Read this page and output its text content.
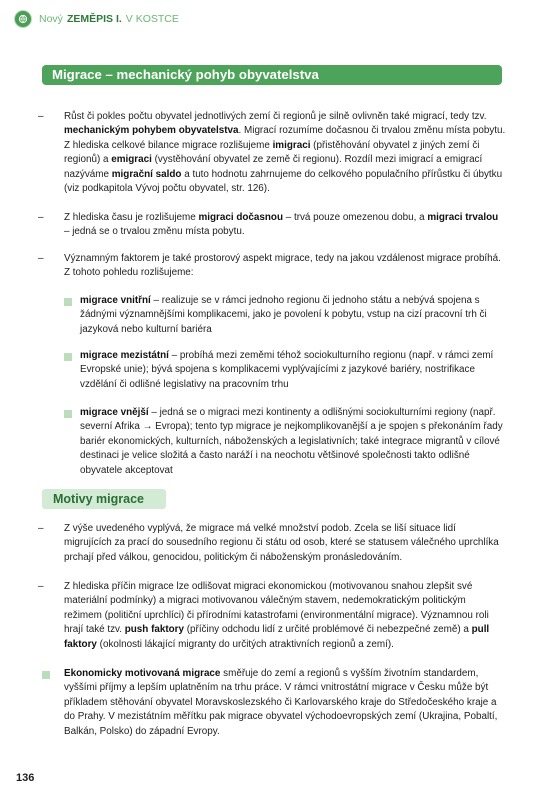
Nový ZEMĚPIS I. V KOSTCE
Migrace – mechanický pohyb obyvatelstva
– Růst či pokles počtu obyvatel jednotlivých zemí či regionů je silně ovlivněn také migrací, tedy tzv. mechanickým pohybem obyvatelstva. Migrací rozumíme dočasnou či trvalou změnu místa pobytu. Z hlediska celkové bilance migrace rozlišujeme imigraci (přistěhování obyvatel z jiných zemí či regionů) a emigraci (vystěhování obyvatel ze země či regionu). Rozdíl mezi imigrací a emigrací nazýváme migrační saldo a tuto hodnotu zahrnujeme do celkového populačního přírůstku či úbytku (viz podkapitola Vývoj počtu obyvatel, str. 126).

– Z hlediska času je rozlišujeme migraci dočasnou – trvá pouze omezenou dobu, a migraci trvalou – jedná se o trvalou změnu místa pobytu.

– Významným faktorem je také prostorový aspekt migrace, tedy na jakou vzdálenost migrace probíhá. Z tohoto pohledu rozlišujeme:

migrace vnitřní – realizuje se v rámci jednoho regionu či jednoho státu a nebývá spojena s žádnými významnějšími komplikacemi, jako je povolení k pobytu, vstup na cizí pracovní trh či jazyková nebo kulturní bariéra

migrace mezistátní – probíhá mezi zeměmi téhož sociokulturního regionu (např. v rámci zemí Evropské unie); bývá spojena s komplikacemi vyplývajícími z jazykové bariéry, nostrifikace vzdělání či odlišné legislativy na pracovním trhu

migrace vnější – jedná se o migraci mezi kontinenty a odlišnými sociokulturními regiony (např. severní Afrika → Evropa); tento typ migrace je nejkomplikovanější a je spojen s překonáním řady bariér ekonomických, kulturních, náboženských a legislativních; také integrace migrantů v cílové destinaci je velice složitá a často naráží i na neochotu většinové společnosti takto odlišné obyvatele akceptovat

Motivy migrace
– Z výše uvedeného vyplývá, že migrace má velké množství podob. Zcela se liší situace lidí migrujících za prací do sousedního regionu či státu od osob, které se statusem válečného uprchlíka prchají před válkou, genocidou, politickým či náboženským pronásledováním.

– Z hlediska příčin migrace lze odlišovat migraci ekonomickou (motivovanou snahou zlepšit své materiální podmínky) a migraci motivovanou válečným stavem, nedemokratickým politickým režimem (političní uprchlíci) či přírodními katastrofami (environmentální migrace). Významnou roli hrají také tzv. push faktory (příčiny odchodu lidí z určité problémové či nebezpečné země) a pull faktory (okolnosti lákající migranty do určitých atraktivních regionů a zemí).

Ekonomicky motivovaná migrace směřuje do zemí a regionů s vyšším životním standardem, vyššími příjmy a lepším uplatněním na trhu práce. V rámci vnitrostátní migrace v Česku může být příkladem stěhování obyvatel Moravskoslezského či Karlovarského kraje do Středočeského kraje a do Prahy. V mezistátním měřítku pak migrace obyvatel východoevropských zemí (Ukrajina, Pobaltí, Balkán, Polsko) do západní Evropy.

136
